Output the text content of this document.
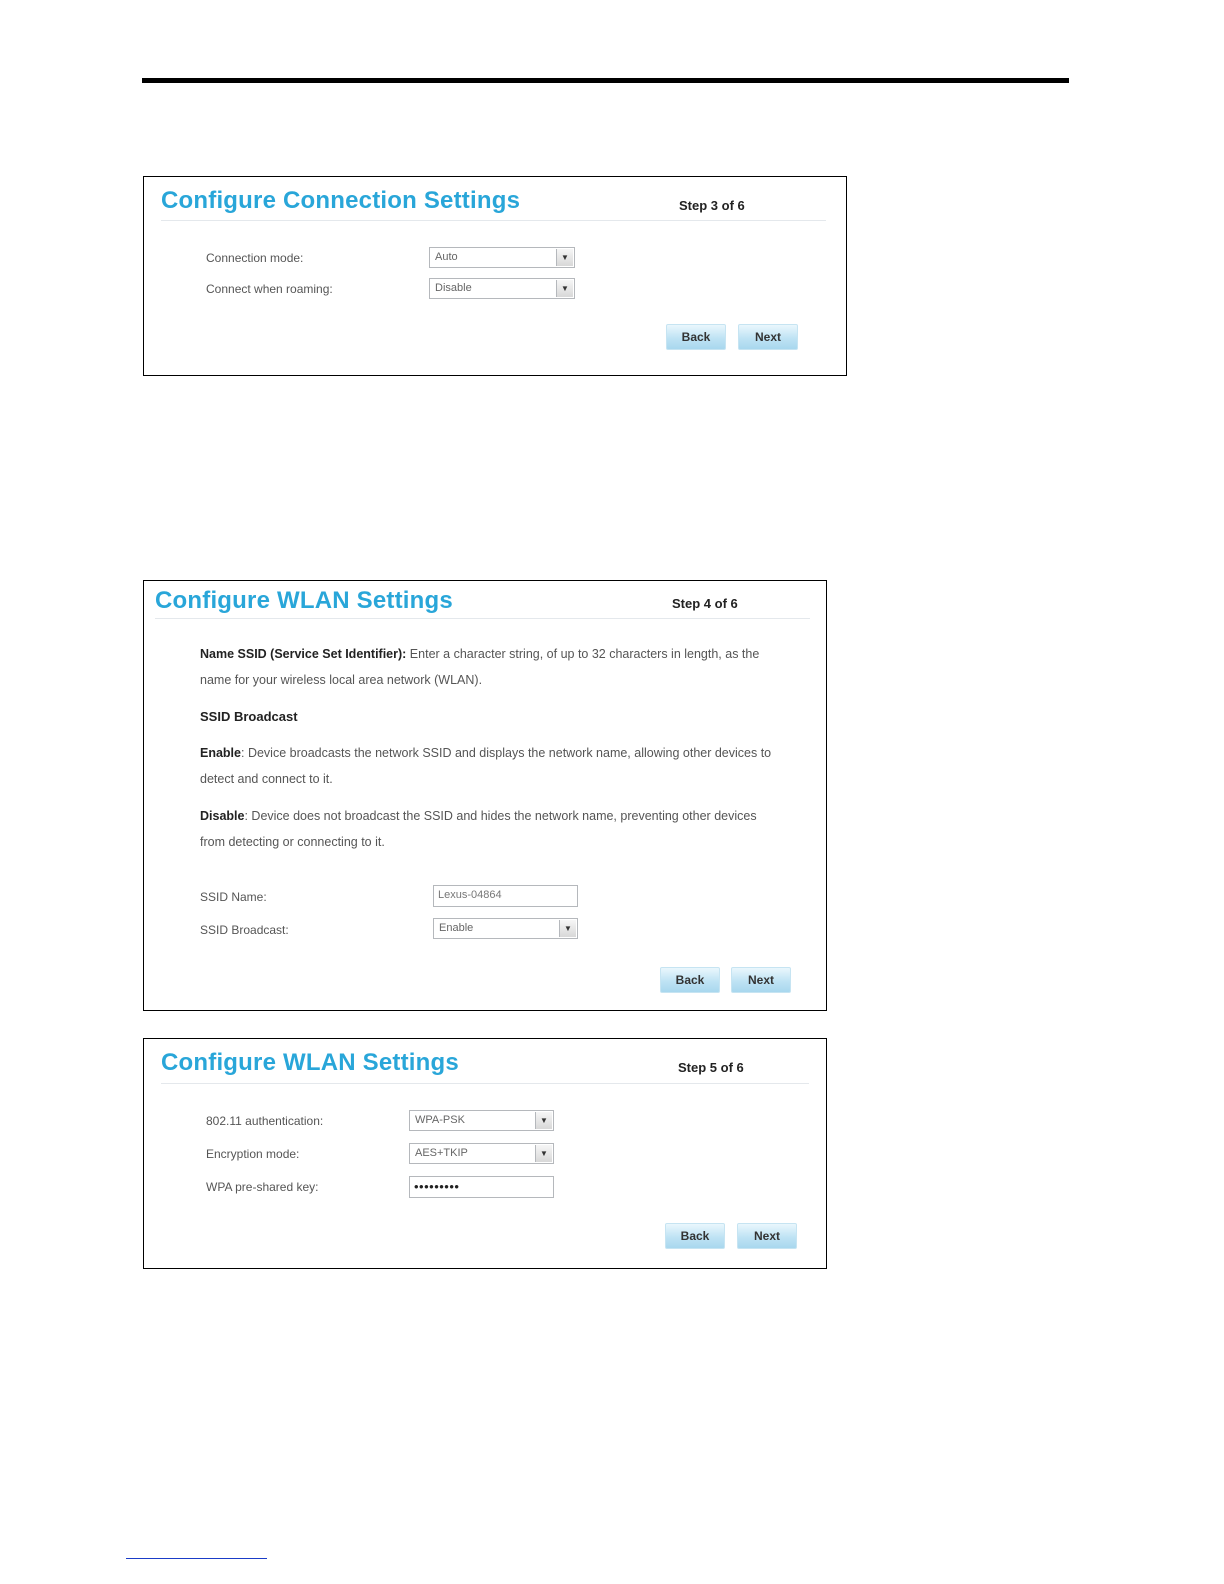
Configure Connection Settings	Step 3 of 6
Connection mode:	Auto	▼
Connect when roaming:	Disable	▼
Back	Next
Configure WLAN Settings	Step 4 of 6
Name SSID (Service Set Identifier): Enter a character string, of up to 32 characters in length, as the name for your wireless local area network (WLAN).
SSID Broadcast
Enable: Device broadcasts the network SSID and displays the network name, allowing other devices to detect and connect to it.
Disable: Device does not broadcast the SSID and hides the network name, preventing other devices from detecting or connecting to it.
SSID Name:	Lexus-04864
SSID Broadcast:	Enable	▼
Back	Next
Configure WLAN Settings	Step 5 of 6
802.11 authentication:	WPA-PSK	▼
Encryption mode:	AES+TKIP	▼
WPA pre-shared key:	•••••••••
Back	Next
